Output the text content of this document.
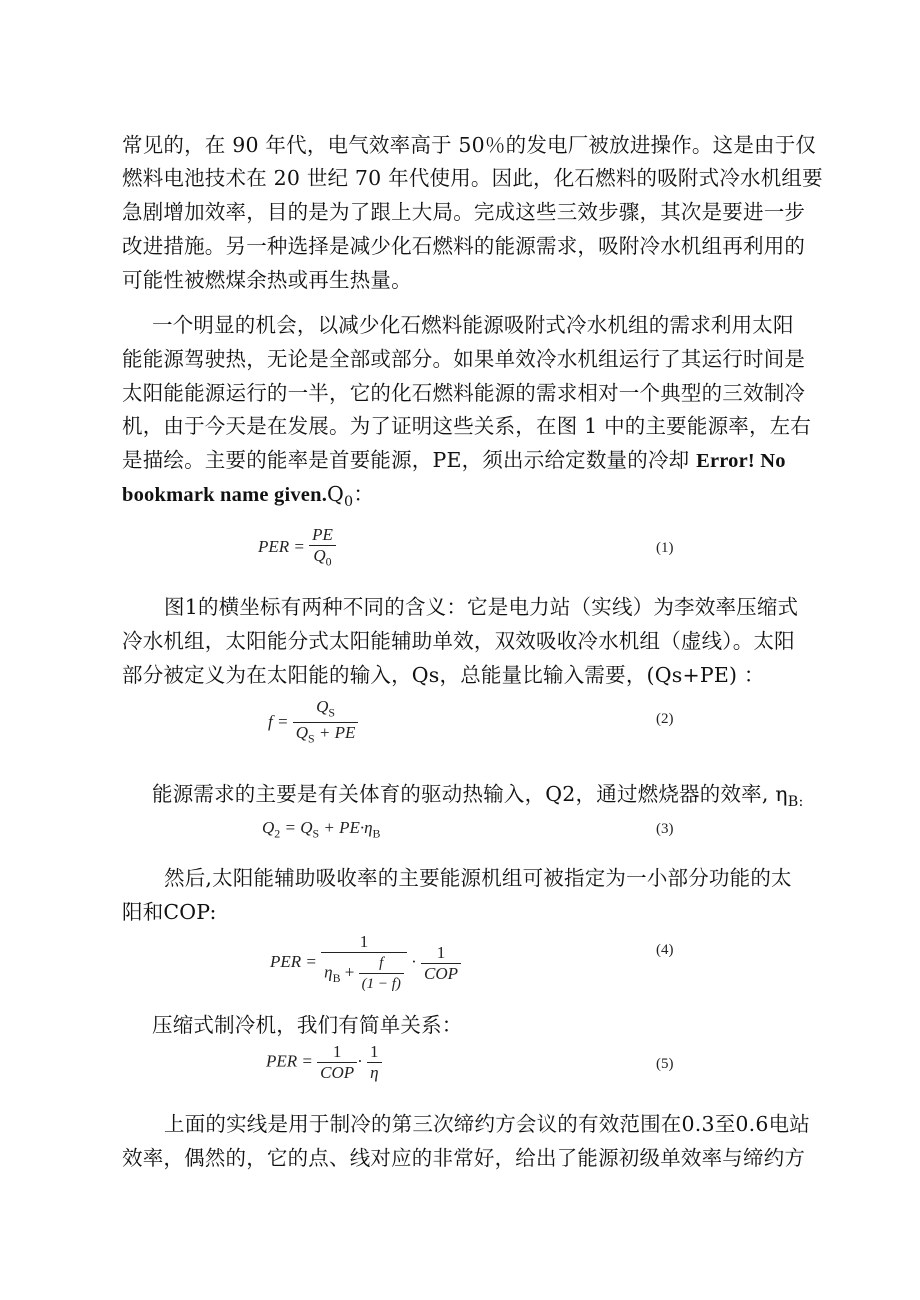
常见的，在 90 年代，电气效率高于 50％的发电厂被放进操作。这是由于仅
燃料电池技术在 20 世纪 70 年代使用。因此，化石燃料的吸附式冷水机组要
急剧增加效率，目的是为了跟上大局。完成这些三效步骤，其次是要进一步
改进措施。另一种选择是减少化石燃料的能源需求，吸附冷水机组再利用的
可能性被燃煤余热或再生热量。
一个明显的机会，以减少化石燃料能源吸附式冷水机组的需求利用太阳
能能源驾驶热，无论是全部或部分。如果单效冷水机组运行了其运行时间是
太阳能能源运行的一半，它的化石燃料能源的需求相对一个典型的三效制冷
机，由于今天是在发展。为了证明这些关系，在图 1 中的主要能源率，左右
是描绘。主要的能率是首要能源，PE，须出示给定数量的冷却 Error! No
bookmark name $given.Q_0$：
PER = $\frac{PE}{Q_0}$	(1)
图1的横坐标有两种不同的含义：它是电力站（实线）为李效率压缩式
冷水机组，太阳能分式太阳能辅助单效，双效吸收冷水机组（虚线）。太阳
部分被定义为在太阳能的输入，Qs，总能量比输入需要，(Qs+PE) ：
$f = \frac{Q_S}{Q_S + PE}$	(2)
能源需求的主要是有关体育的驱动热输入，Q2，通过燃烧器的效率, $\eta_{B:}$
$Q_2 = Q_S + PE\cdot\eta_B$	(3)
然后,太阳能辅助吸收率的主要能源机组可被指定为一小部分功能的太
阳和COP:
PER = $\frac{1}{\eta_B + \frac{f}{(1 - f)}} \cdot \frac{1}{\text{COP}}$	(4)
压缩式制冷机，我们有简单关系：
PER = $\frac{1}{\text{COP}} \cdot \frac{1}{\eta}$	(5)
上面的实线是用于制冷的第三次缔约方会议的有效范围在0.3至0.6电站
效率，偶然的，它的点、线对应的非常好，给出了能源初级单效率与缔约方
